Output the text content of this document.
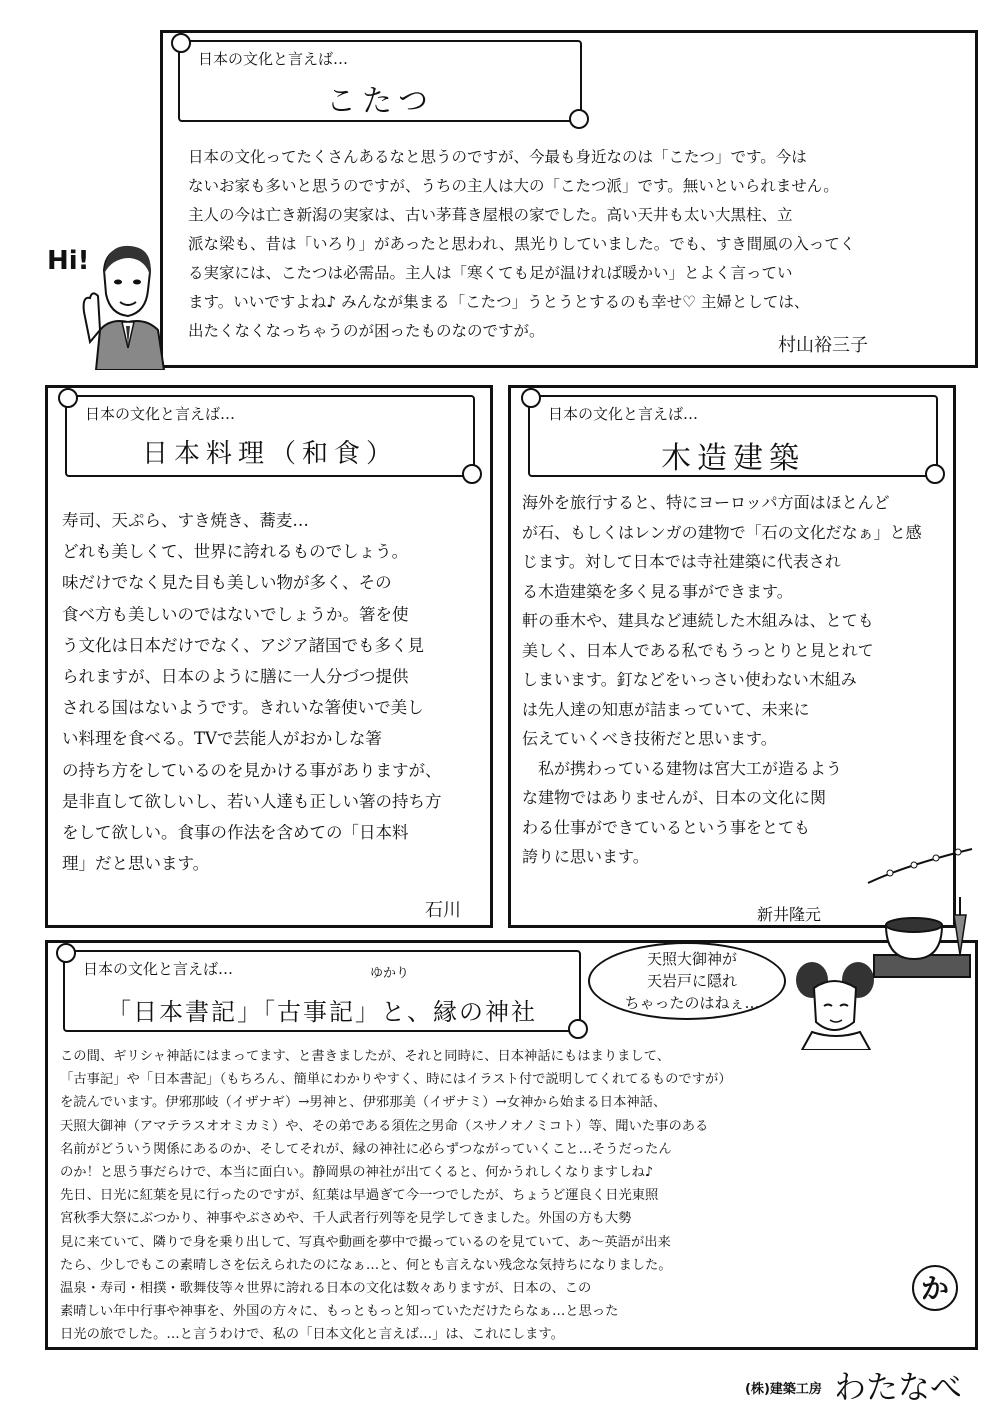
日本の文化と言えば…
こたつ
日本の文化ってたくさんあるなと思うのですが、今最も身近なのは「こたつ」です。今は
ないお家も多いと思うのですが、うちの主人は大の「こたつ派」です。無いといられません。
主人の今は亡き新潟の実家は、古い茅葺き屋根の家でした。高い天井も太い大黒柱、立
派な梁も、昔は「いろり」があったと思われ、黒光りしていました。でも、すき間風の入ってく
る実家には、こたつは必需品。主人は「寒くても足が温ければ暖かい」とよく言ってい
ます。いいですよね♪ みんなが集まる「こたつ」うとうとするのも幸せ♡ 主婦としては、
出たくなくなっちゃうのが困ったものなのですが。
村山裕三子
Hi!
日本の文化と言えば…
日本料理（和食）
寿司、天ぷら、すき焼き、蕎麦…
どれも美しくて、世界に誇れるものでしょう。
味だけでなく見た目も美しい物が多く、その
食べ方も美しいのではないでしょうか。箸を使
う文化は日本だけでなく、アジア諸国でも多く見
られますが、日本のように膳に一人分づつ提供
される国はないようです。きれいな箸使いで美し
い料理を食べる。TVで芸能人がおかしな箸
の持ち方をしているのを見かける事がありますが、
是非直して欲しいし、若い人達も正しい箸の持ち方
をして欲しい。食事の作法を含めての「日本料
理」だと思います。
石川
日本の文化と言えば…
木造建築
海外を旅行すると、特にヨーロッパ方面はほとんど
が石、もしくはレンガの建物で「石の文化だなぁ」と感
じます。対して日本では寺社建築に代表され
る木造建築を多く見る事ができます。
軒の垂木や、建具など連続した木組みは、とても
美しく、日本人である私でもうっとりと見とれて
しまいます。釘などをいっさい使わない木組み
は先人達の知恵が詰まっていて、未来に
伝えていくべき技術だと思います。
　私が携わっている建物は宮大工が造るよう
な建物ではありませんが、日本の文化に関
わる仕事ができているという事をとても
誇りに思います。
新井隆元
日本の文化と言えば…
「日本書記」「古事記」と、縁の神社
ゆかり
天照大御神が
天岩戸に隠れ
ちゃったのはねぇ…
この間、ギリシャ神話にはまってます、と書きましたが、それと同時に、日本神話にもはまりまして、
「古事記」や「日本書記」（もちろん、簡単にわかりやすく、時にはイラスト付で説明してくれてるものですが）
を読んでいます。伊邪那岐（イザナギ）→男神と、伊邪那美（イザナミ）→女神から始まる日本神話、
天照大御神（アマテラスオオミカミ）や、その弟である須佐之男命（スサノオノミコト）等、聞いた事のある
名前がどういう関係にあるのか、そしてそれが、縁の神社に必らずつながっていくこと…そうだったん
のか！と思う事だらけで、本当に面白い。静岡県の神社が出てくると、何かうれしくなりますしね♪
先日、日光に紅葉を見に行ったのですが、紅葉は早過ぎて今一つでしたが、ちょうど運良く日光東照
宮秋季大祭にぶつかり、神事やぶさめや、千人武者行列等を見学してきました。外国の方も大勢
見に来ていて、隣りで身を乗り出して、写真や動画を夢中で撮っているのを見ていて、あ〜英語が出来
たら、少しでもこの素晴しさを伝えられたのになぁ…と、何とも言えない残念な気持ちになりました。
温泉・寿司・相撲・歌舞伎等々世界に誇れる日本の文化は数々ありますが、日本の、この
素晴しい年中行事や神事を、外国の方々に、もっともっと知っていただけたらなぁ…と思った
日光の旅でした。…と言うわけで、私の「日本文化と言えば…」は、これにします。
か
(株)建築工房 わたなべ
